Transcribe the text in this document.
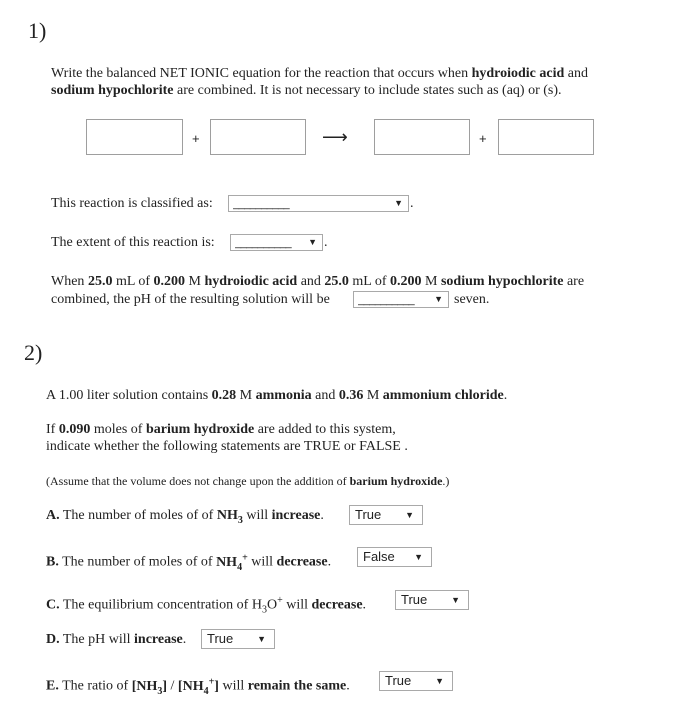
1)
Write the balanced NET IONIC equation for the reaction that occurs when hydroiodic acid and
sodium hypochlorite are combined. It is not necessary to include states such as (aq) or (s).
+	⟶	+
This reaction is classified as: __________	▼ .
The extent of this reaction is: __________	▼ .
When 25.0 mL of 0.200 M hydroiodic acid and 25.0 mL of 0.200 M sodium hypochlorite are
combined, the pH of the resulting solution will be	__________	▼ seven.
2)
A 1.00 liter solution contains 0.28 M ammonia and 0.36 M ammonium chloride.
If 0.090 moles of barium hydroxide are added to this system,
indicate whether the following statements are TRUE or FALSE .
(Assume that the volume does not change upon the addition of barium hydroxide.)
A. The number of moles of of $NH_3$ will increase. True	▼
B. The number of moles of of $NH_4^+$ will decrease. False ▼
C. The equilibrium concentration of $H_3O^+$ will decrease.	True	▼
D. The pH will increase. True	▼
E. The ratio of $[NH_3] / [NH_4^+]$ will remain the same.	True	▼
